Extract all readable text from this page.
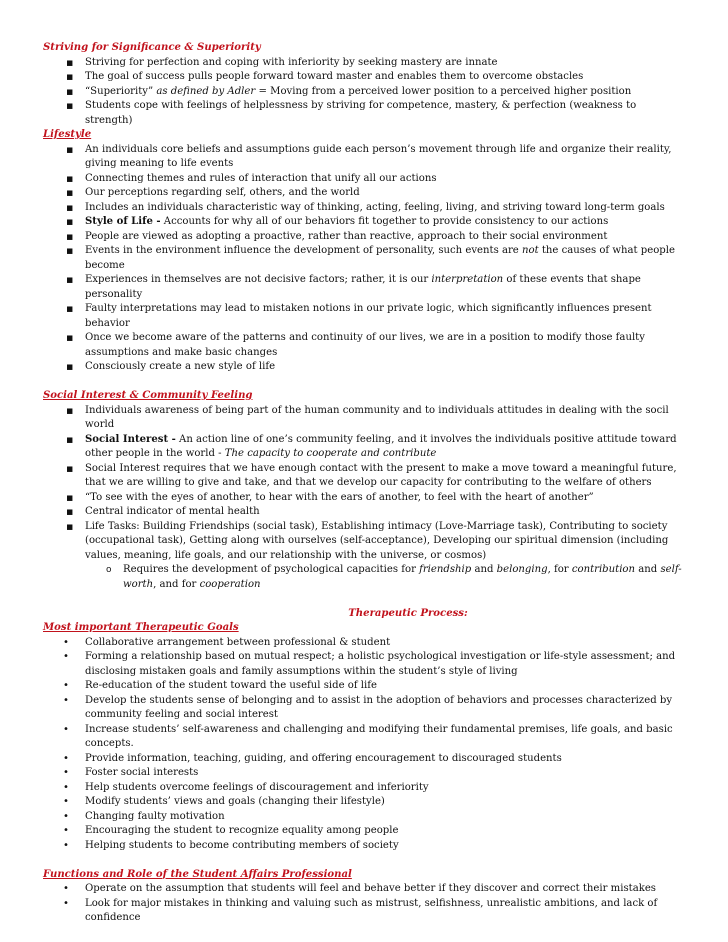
Striving for Significance & Superiority
▪ Striving for perfection and coping with inferiority by seeking mastery are innate
▪ The goal of success pulls people forward toward master and enables them to overcome obstacles
▪ “Superiority” as defined by Adler = Moving from a perceived lower position to a perceived higher position
▪ Students cope with feelings of helplessness by striving for competence, mastery, & perfection (weakness to strength)
Lifestyle
▪ An individuals core beliefs and assumptions guide each person’s movement through life and organize their reality, giving meaning to life events
▪ Connecting themes and rules of interaction that unify all our actions
▪ Our perceptions regarding self, others, and the world
▪ Includes an individuals characteristic way of thinking, acting, feeling, living, and striving toward long-term goals
▪ Style of Life - Accounts for why all of our behaviors fit together to provide consistency to our actions
▪ People are viewed as adopting a proactive, rather than reactive, approach to their social environment
▪ Events in the environment influence the development of personality, such events are not the causes of what people become
▪ Experiences in themselves are not decisive factors; rather, it is our interpretation of these events that shape personality
▪ Faulty interpretations may lead to mistaken notions in our private logic, which significantly influences present behavior
▪ Once we become aware of the patterns and continuity of our lives, we are in a position to modify those faulty assumptions and make basic changes
▪ Consciously create a new style of life
Social Interest & Community Feeling
▪ Individuals awareness of being part of the human community and to individuals attitudes in dealing with the socil world
▪ Social Interest - An action line of one’s community feeling, and it involves the individuals positive attitude toward other people in the world - The capacity to cooperate and contribute
▪ Social Interest requires that we have enough contact with the present to make a move toward a meaningful future, that we are willing to give and take, and that we develop our capacity for contributing to the welfare of others
▪ “To see with the eyes of another, to hear with the ears of another, to feel with the heart of another”
▪ Central indicator of mental health
▪ Life Tasks: Building Friendships (social task), Establishing intimacy (Love-Marriage task), Contributing to society (occupational task), Getting along with ourselves (self-acceptance), Developing our spiritual dimension (including values, meaning, life goals, and our relationship with the universe, or cosmos)
o Requires the development of psychological capacities for friendship and belonging, for contribution and self-worth, and for cooperation
Therapeutic Process:
Most important Therapeutic Goals
• Collaborative arrangement between professional & student
• Forming a relationship based on mutual respect; a holistic psychological investigation or life-style assessment; and disclosing mistaken goals and family assumptions within the student’s style of living
• Re-education of the student toward the useful side of life
• Develop the students sense of belonging and to assist in the adoption of behaviors and processes characterized by community feeling and social interest
• Increase students’ self-awareness and challenging and modifying their fundamental premises, life goals, and basic concepts.
• Provide information, teaching, guiding, and offering encouragement to discouraged students
• Foster social interests
• Help students overcome feelings of discouragement and inferiority
• Modify students’ views and goals (changing their lifestyle)
• Changing faulty motivation
• Encouraging the student to recognize equality among people
• Helping students to become contributing members of society
Functions and Role of the Student Affairs Professional
• Operate on the assumption that students will feel and behave better if they discover and correct their mistakes
• Look for major mistakes in thinking and valuing such as mistrust, selfishness, unrealistic ambitions, and lack of confidence
